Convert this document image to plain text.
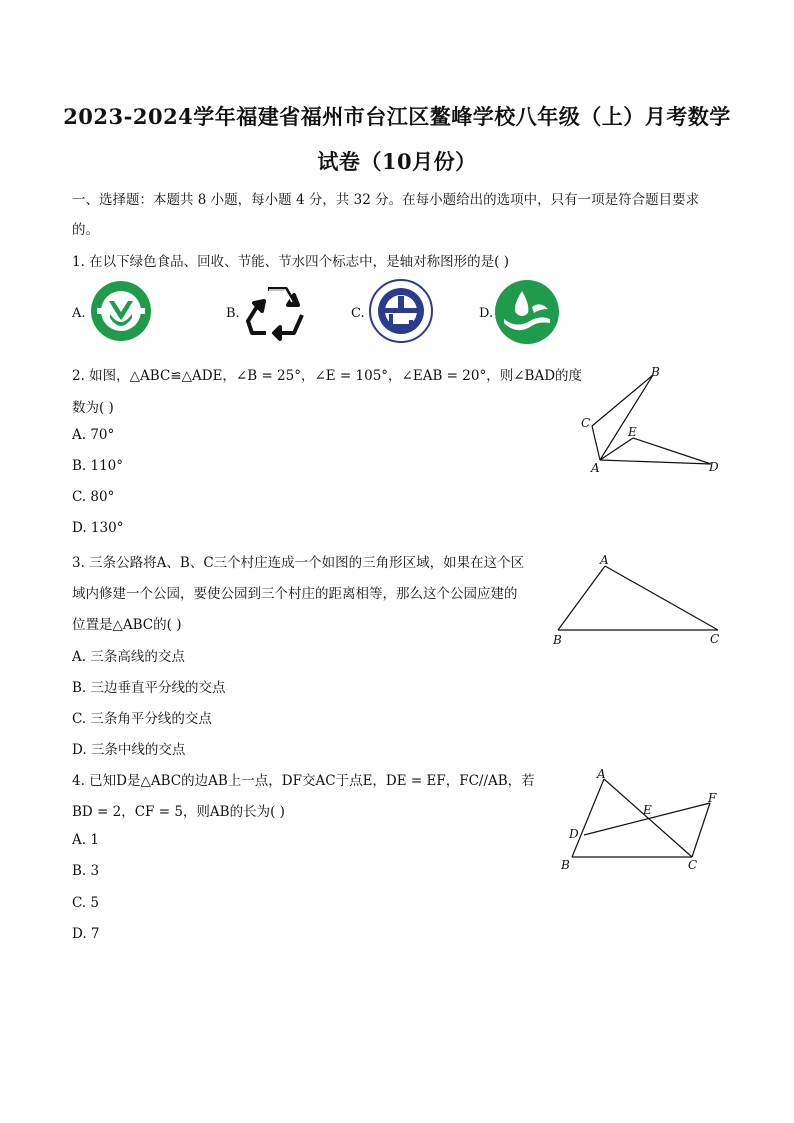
2023-2024学年福建省福州市台江区鳌峰学校八年级（上）月考数学
试卷（10月份）
一、选择题：本题共 8 小题，每小题 4 分，共 32 分。在每小题给出的选项中，只有一项是符合题目要求
的。
1. 在以下绿色食品、回收、节能、节水四个标志中，是轴对称图形的是( )
A.	B.	C.	D.
2. 如图，△ABC≌△ADE，∠B = 25°，∠E = 105°，∠EAB = 20°，则∠BAD的度
数为( )
A. 70°
B. 110°
C. 80°
D. 130°
A
B
C
D
E
3. 三条公路将A、B、C三个村庄连成一个如图的三角形区域，如果在这个区
域内修建一个公园，要使公园到三个村庄的距离相等，那么这个公园应建的
位置是△ABC的( )
A. 三条高线的交点
B. 三边垂直平分线的交点
C. 三条角平分线的交点
D. 三条中线的交点
A
B	C
4. 已知D是△ABC的边AB上一点，DF交AC于点E，DE = EF，FC//AB，若
BD = 2，CF = 5，则AB的长为( )
A. 1
B. 3
C. 5
D. 7
A
B	C
D
E
F
